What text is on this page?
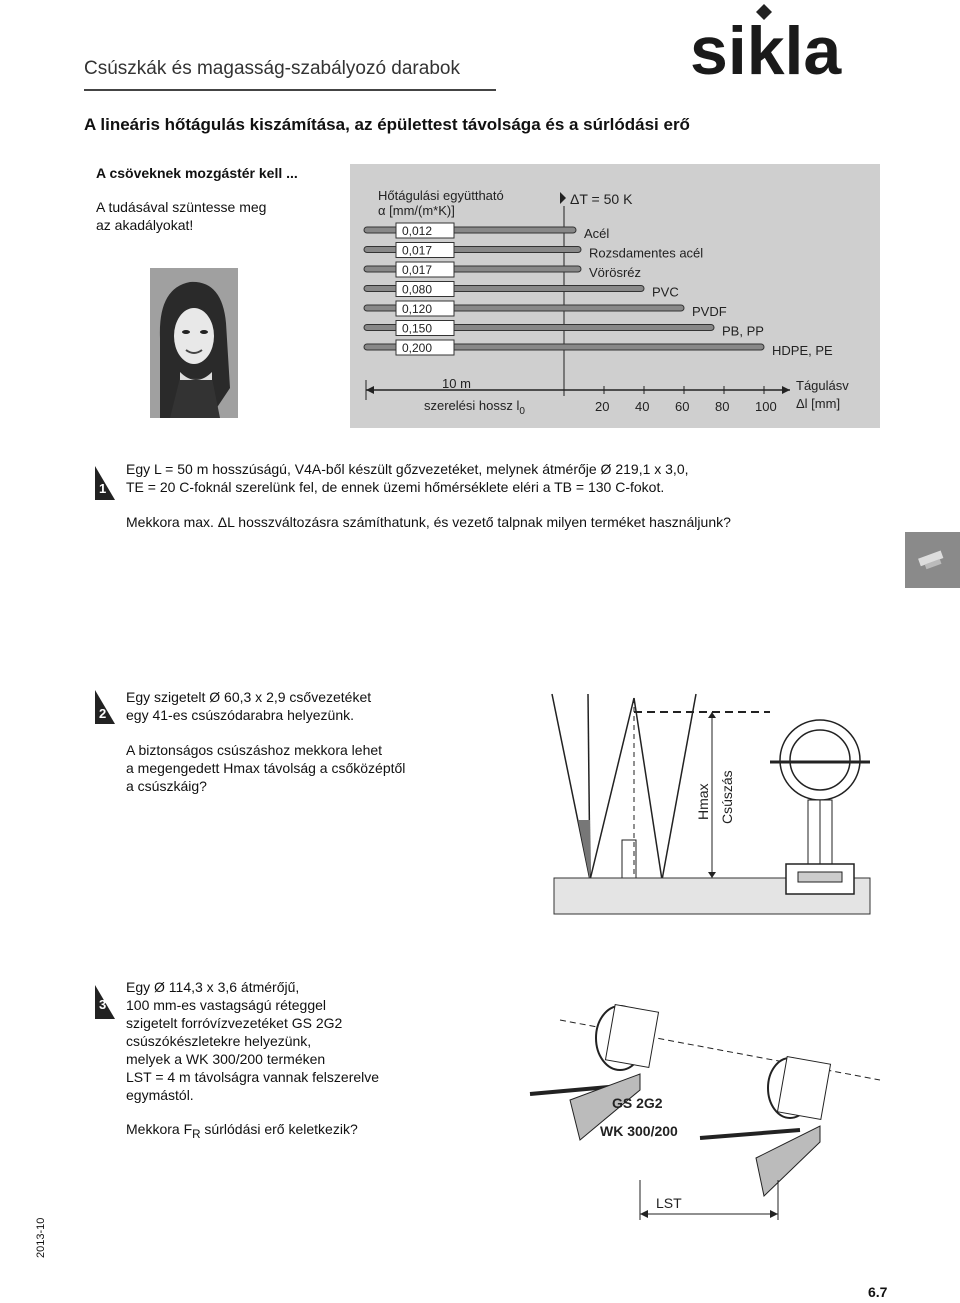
Csúszkák és magasság-szabályozó darabok	sikla
A lineáris hőtágulás kiszámítása, az épülettest távolsága és a súrlódási erő
A csöveknek mozgástér kell ...
A tudásával szüntesse meg
az akadályokat!
Hőtágulási együttható
α [mm/(m*K)]
ΔT = 50 K
0,012	Acél
0,017	Rozsdamentes acél
0,017	Vörösréz
0,080	PVC
0,120	PVDF
0,150	PB, PP
0,200	HDPE, PE
20 40 60 80 100
10 m
szerelési hossz $l_0$
Tágulásv
Δl [mm]
1
Egy L = 50 m hosszúságú, V4A-ből készült gőzvezetéket, melynek átmérője Ø 219,1 x 3,0,
TE = 20 C-foknál szerelünk fel, de ennek üzemi hőmérséklete eléri a TB = 130 C-fokot.
Mekkora max. ΔL hosszváltozásra számíthatunk, és vezető talpnak milyen terméket használjunk?
2
Egy szigetelt Ø 60,3 x 2,9 csővezetéket
egy 41-es csúszódarabra helyezünk.
A biztonságos csúszáshoz mekkora lehet
a megengedett Hmax távolság a csőközéptől
a csúszkáig?	Hmax Csúszás
3
Egy Ø 114,3 x 3,6 átmérőjű,
100 mm-es vastagságú réteggel
szigetelt forróvízvezetéket GS 2G2
csúszókészletekre helyezünk,
melyek a WK 300/200 terméken
LST = 4 m távolságra vannak felszerelve
egymástól.
Mekkora $F_R$ súrlódási erő keletkezik?
GS 2G2
WK 300/200
LST
2013-10
6.7
